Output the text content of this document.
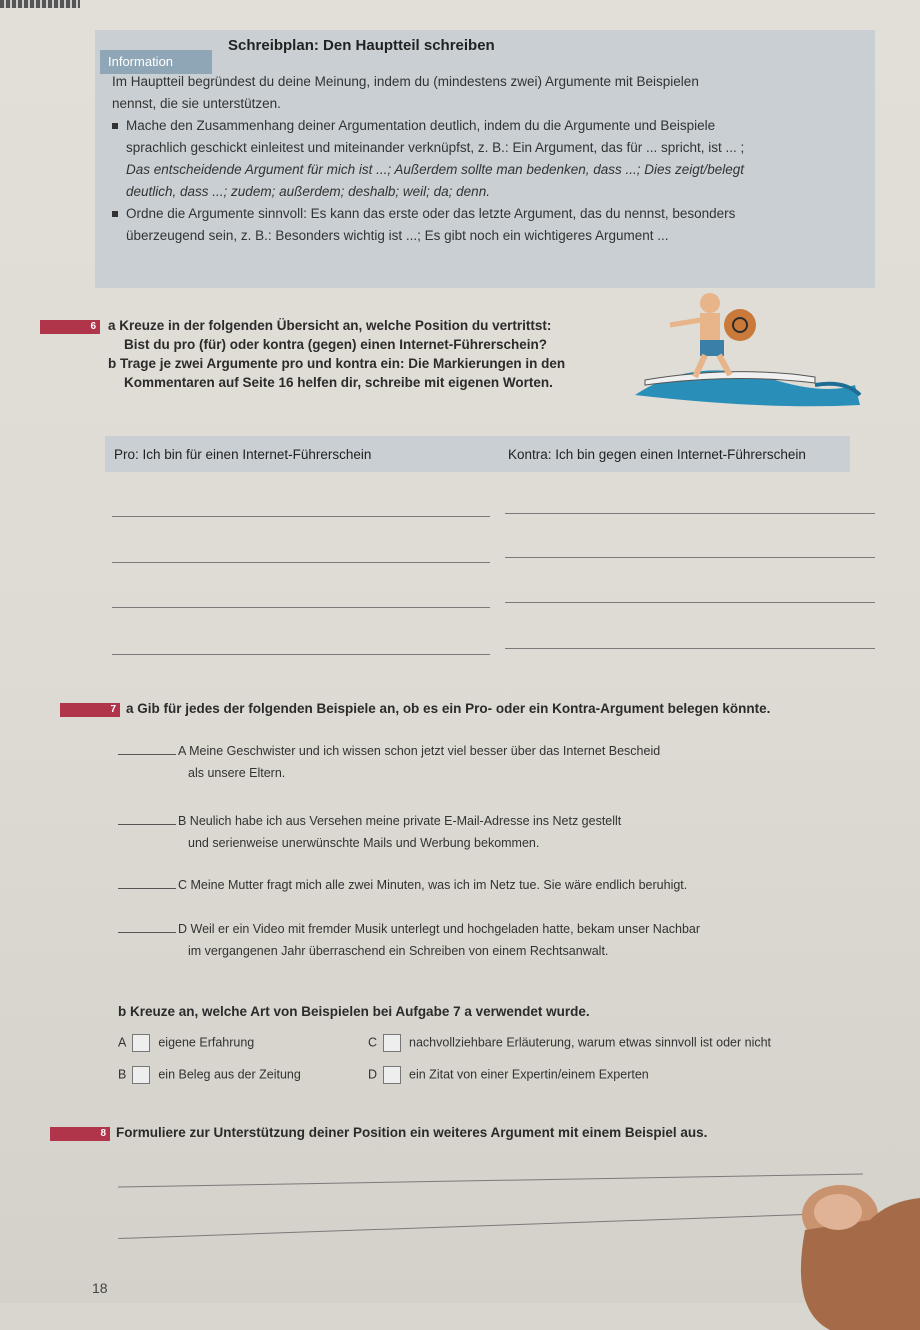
Information
Schreibplan: Den Hauptteil schreiben

Im Hauptteil begründest du deine Meinung, indem du (mindestens zwei) Argumente mit Beispielen

nennst, die sie unterstützen.

Mache den Zusammenhang deiner Argumentation deutlich, indem du die Argumente und Beispiele

sprachlich geschickt einleitest und miteinander verknüpfst, z. B.: Ein Argument, das für ... spricht, ist ... ;

Das entscheidende Argument für mich ist ...; Außerdem sollte man bedenken, dass ...; Dies zeigt/belegt

deutlich, dass ...; zudem; außerdem; deshalb; weil; da; denn.

Ordne die Argumente sinnvoll: Es kann das erste oder das letzte Argument, das du nennst, besonders

überzeugend sein, z. B.: Besonders wichtig ist ...; Es gibt noch ein wichtigeres Argument ...

6 a Kreuze in der folgenden Übersicht an, welche Position du vertrittst:
Bist du pro (für) oder kontra (gegen) einen Internet-Führerschein?
b Trage je zwei Argumente pro und kontra ein: Die Markierungen in den
Kommentaren auf Seite 16 helfen dir, schreibe mit eigenen Worten.
Pro: Ich bin für einen Internet-Führerschein	Kontra: Ich bin gegen einen Internet-Führerschein
7 a Gib für jedes der folgenden Beispiele an, ob es ein Pro- oder ein Kontra-Argument belegen könnte.
A Meine Geschwister und ich wissen schon jetzt viel besser über das Internet Bescheid
als unsere Eltern.
B Neulich habe ich aus Versehen meine private E-Mail-Adresse ins Netz gestellt
und serienweise unerwünschte Mails und Werbung bekommen.
C Meine Mutter fragt mich alle zwei Minuten, was ich im Netz tue. Sie wäre endlich beruhigt.
D Weil er ein Video mit fremder Musik unterlegt und hochgeladen hatte, bekam unser Nachbar
im vergangenen Jahr überraschend ein Schreiben von einem Rechtsanwalt.
b Kreuze an, welche Art von Beispielen bei Aufgabe 7 a verwendet wurde.
A	eigene Erfahrung	C	nachvollziehbare Erläuterung, warum etwas sinnvoll ist oder nicht
B	ein Beleg aus der Zeitung	D	ein Zitat von einer Expertin/einem Experten
8 Formuliere zur Unterstützung deiner Position ein weiteres Argument mit einem Beispiel aus.
18
